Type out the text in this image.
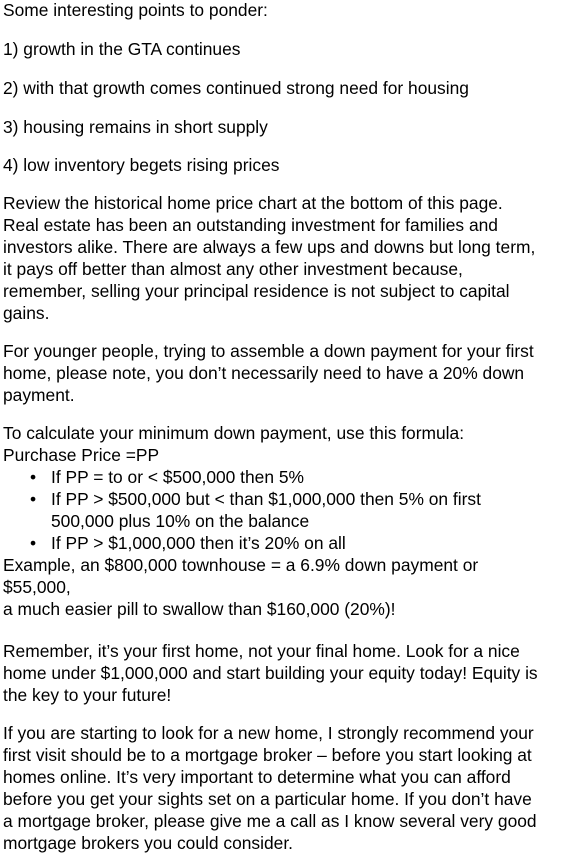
Some interesting points to ponder:
1) growth in the GTA continues
2) with that growth comes continued strong need for housing
3) housing remains in short supply
4) low inventory begets rising prices
Review the historical home price chart at the bottom of this page.
Real estate has been an outstanding investment for families and
investors alike. There are always a few ups and downs but long term,
it pays off better than almost any other investment because,
remember, selling your principal residence is not subject to capital
gains.
For younger people, trying to assemble a down payment for your first
home, please note, you don’t necessarily need to have a 20% down
payment.
To calculate your minimum down payment, use this formula:
Purchase Price =PP
• If PP = to or < $500,000 then 5%
• If PP > $500,000 but < than $1,000,000 then 5% on first
500,000 plus 10% on the balance
• If PP > $1,000,000 then it’s 20% on all
Example, an $800,000 townhouse = a 6.9% down payment or
$55,000,
a much easier pill to swallow than $160,000 (20%)!
Remember, it’s your first home, not your final home. Look for a nice
home under $1,000,000 and start building your equity today! Equity is
the key to your future!
If you are starting to look for a new home, I strongly recommend your
first visit should be to a mortgage broker – before you start looking at
homes online. It’s very important to determine what you can afford
before you get your sights set on a particular home. If you don’t have
a mortgage broker, please give me a call as I know several very good
mortgage brokers you could consider.
